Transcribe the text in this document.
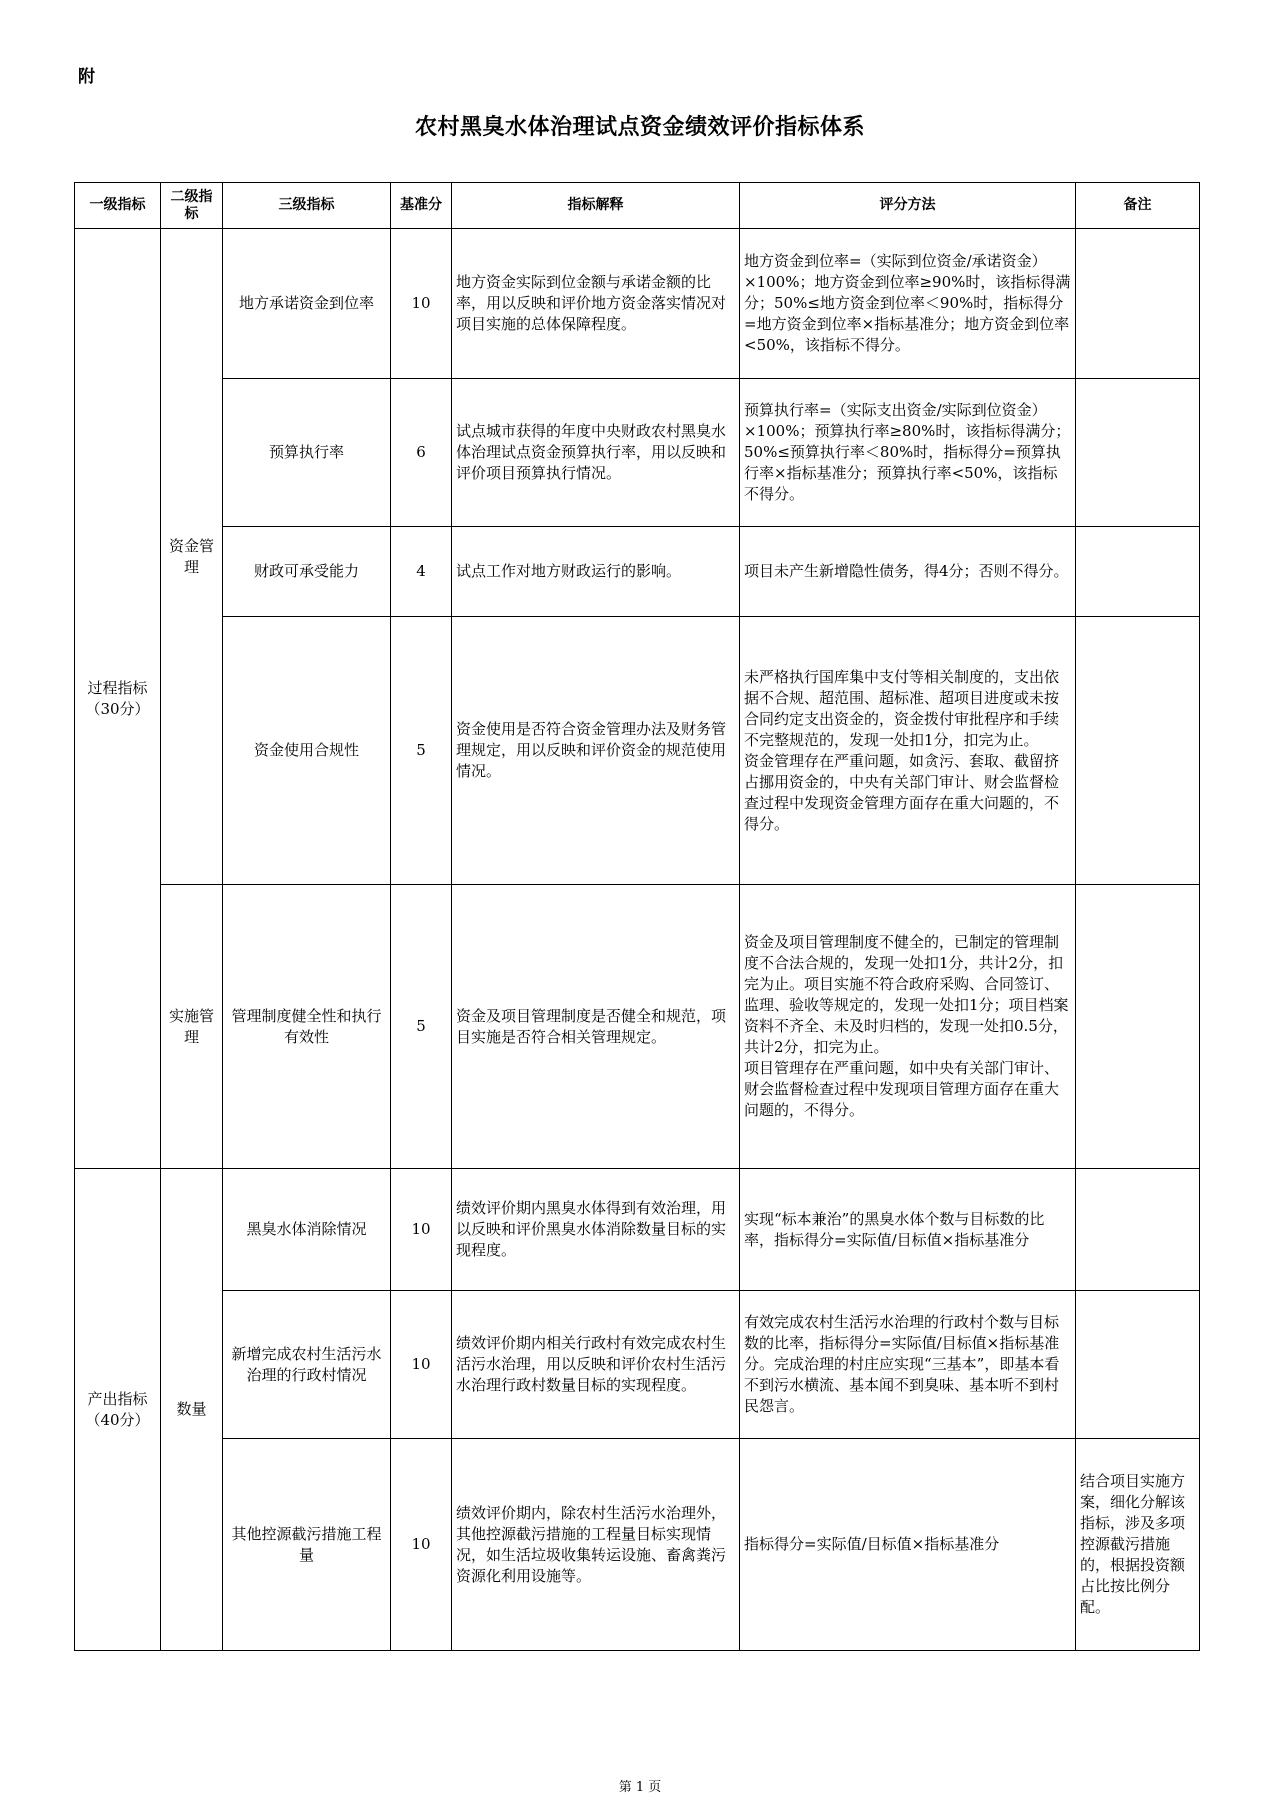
附
农村黑臭水体治理试点资金绩效评价指标体系
一级指标	二级指标	三级指标	基准分	指标解释	评分方法	备注
过程指标（30分）	资金管理	地方承诺资金到位率	10	地方资金实际到位金额与承诺金额的比率，用以反映和评价地方资金落实情况对项目实施的总体保障程度。	地方资金到位率=（实际到位资金/承诺资金）×100%；地方资金到位率≥90%时，该指标得满分；50%≤地方资金到位率＜90%时，指标得分=地方资金到位率×指标基准分；地方资金到位率<50%，该指标不得分。	
		预算执行率	6	试点城市获得的年度中央财政农村黑臭水体治理试点资金预算执行率，用以反映和评价项目预算执行情况。	预算执行率=（实际支出资金/实际到位资金）×100%；预算执行率≥80%时，该指标得满分；50%≤预算执行率＜80%时，指标得分=预算执行率×指标基准分；预算执行率<50%，该指标不得分。	
		财政可承受能力	4	试点工作对地方财政运行的影响。	项目未产生新增隐性债务，得4分；否则不得分。	
		资金使用合规性	5	资金使用是否符合资金管理办法及财务管理规定，用以反映和评价资金的规范使用情况。	未严格执行国库集中支付等相关制度的，支出依据不合规、超范围、超标准、超项目进度或未按合同约定支出资金的，资金拨付审批程序和手续不完整规范的，发现一处扣1分，扣完为止。
资金管理存在严重问题，如贪污、套取、截留挤占挪用资金的，中央有关部门审计、财会监督检查过程中发现资金管理方面存在重大问题的，不得分。	

	实施管理	管理制度健全性和执行有效性	5	资金及项目管理制度是否健全和规范，项目实施是否符合相关管理规定。	资金及项目管理制度不健全的，已制定的管理制度不合法合规的，发现一处扣1分，共计2分，扣完为止。项目实施不符合政府采购、合同签订、监理、验收等规定的，发现一处扣1分；项目档案资料不齐全、未及时归档的，发现一处扣0.5分，共计2分，扣完为止。
项目管理存在严重问题，如中央有关部门审计、财会监督检查过程中发现项目管理方面存在重大问题的，不得分。	

产出指标（40分）	数量	黑臭水体消除情况	10	绩效评价期内黑臭水体得到有效治理，用以反映和评价黑臭水体消除数量目标的实现程度。	实现“标本兼治”的黑臭水体个数与目标数的比率，指标得分=实际值/目标值×指标基准分	
		新增完成农村生活污水治理的行政村情况	10	绩效评价期内相关行政村有效完成农村生活污水治理，用以反映和评价农村生活污水治理行政村数量目标的实现程度。	有效完成农村生活污水治理的行政村个数与目标数的比率，指标得分=实际值/目标值×指标基准分。完成治理的村庄应实现“三基本”，即基本看不到污水横流、基本闻不到臭味、基本听不到村民怨言。	
		其他控源截污措施工程量	10	绩效评价期内，除农村生活污水治理外，其他控源截污措施的工程量目标实现情况，如生活垃圾收集转运设施、畜禽粪污资源化利用设施等。	指标得分=实际值/目标值×指标基准分	结合项目实施方案，细化分解该指标，涉及多项控源截污措施的，根据投资额占比按比例分配。
第 1 页
